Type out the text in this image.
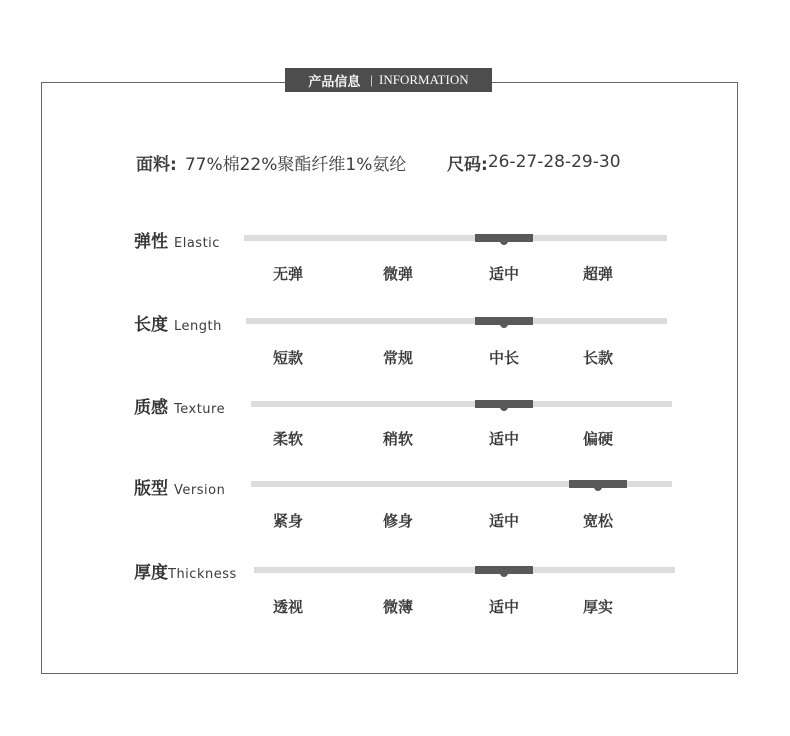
产品信息 | INFORMATION
面料: 77%棉22%聚酯纤维1%氨纶 尺码: 26-27-28-29-30
弹性 Elastic
无弹	微弹	适中	超弹
长度 Length
短款	常规	中长	长款
质感 Texture
柔软	稍软	适中	偏硬
版型 Version
紧身	修身	适中	宽松
厚度 Thickness
透视	微薄	适中	厚实
